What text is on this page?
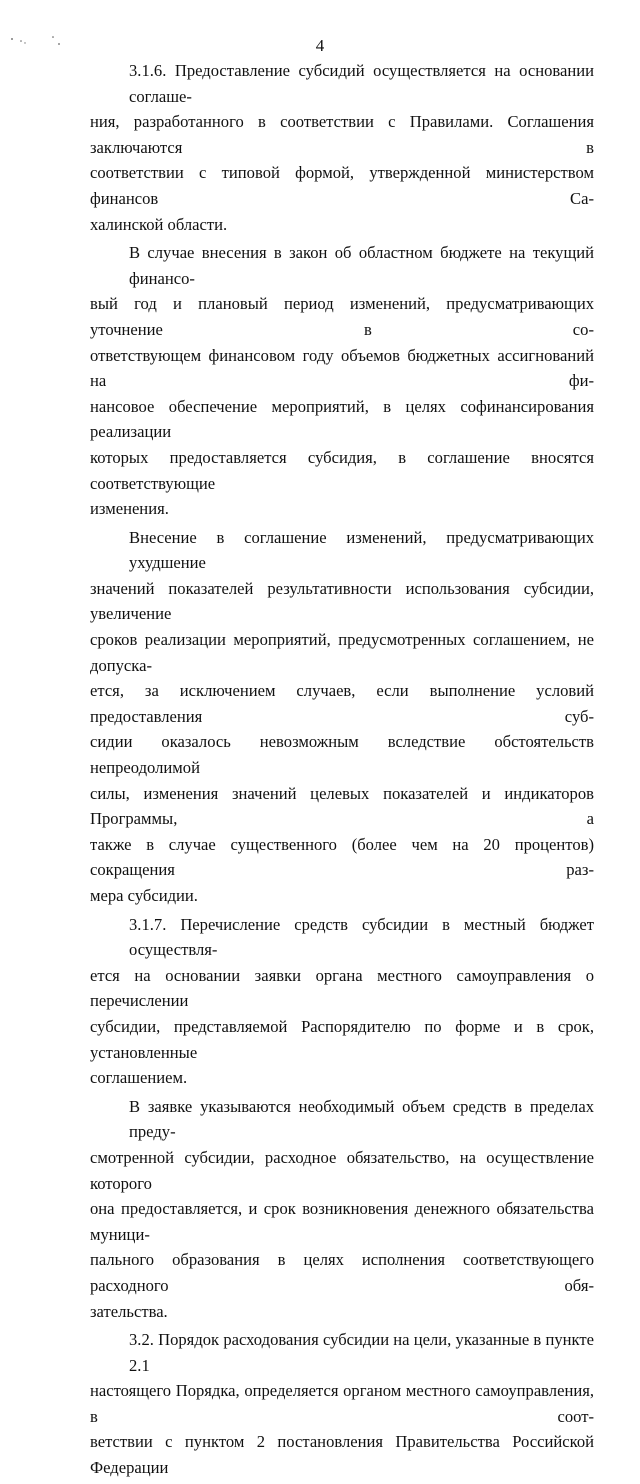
4
3.1.6. Предоставление субсидий осуществляется на основании соглаше-
ния, разработанного в соответствии с Правилами. Соглашения заключаются в
соответствии с типовой формой, утвержденной министерством финансов Са-
халинской области.
В случае внесения в закон об областном бюджете на текущий финансо-
вый год и плановый период изменений, предусматривающих уточнение в со-
ответствующем финансовом году объемов бюджетных ассигнований на фи-
нансовое обеспечение мероприятий, в целях софинансирования реализации
которых предоставляется субсидия, в соглашение вносятся соответствующие
изменения.
Внесение в соглашение изменений, предусматривающих ухудшение
значений показателей результативности использования субсидии, увеличение
сроков реализации мероприятий, предусмотренных соглашением, не допуска-
ется, за исключением случаев, если выполнение условий предоставления суб-
сидии оказалось невозможным вследствие обстоятельств непреодолимой
силы, изменения значений целевых показателей и индикаторов Программы, а
также в случае существенного (более чем на 20 процентов) сокращения раз-
мера субсидии.
3.1.7. Перечисление средств субсидии в местный бюджет осуществля-
ется на основании заявки органа местного самоуправления о перечислении
субсидии, представляемой Распорядителю по форме и в срок, установленные
соглашением.
В заявке указываются необходимый объем средств в пределах преду-
смотренной субсидии, расходное обязательство, на осуществление которого
она предоставляется, и срок возникновения денежного обязательства муници-
пального образования в целях исполнения соответствующего расходного обя-
зательства.
3.2. Порядок расходования субсидии на цели, указанные в пункте 2.1
настоящего Порядка, определяется органом местного самоуправления, в соот-
ветствии с пунктом 2 постановления Правительства Российской Федерации
